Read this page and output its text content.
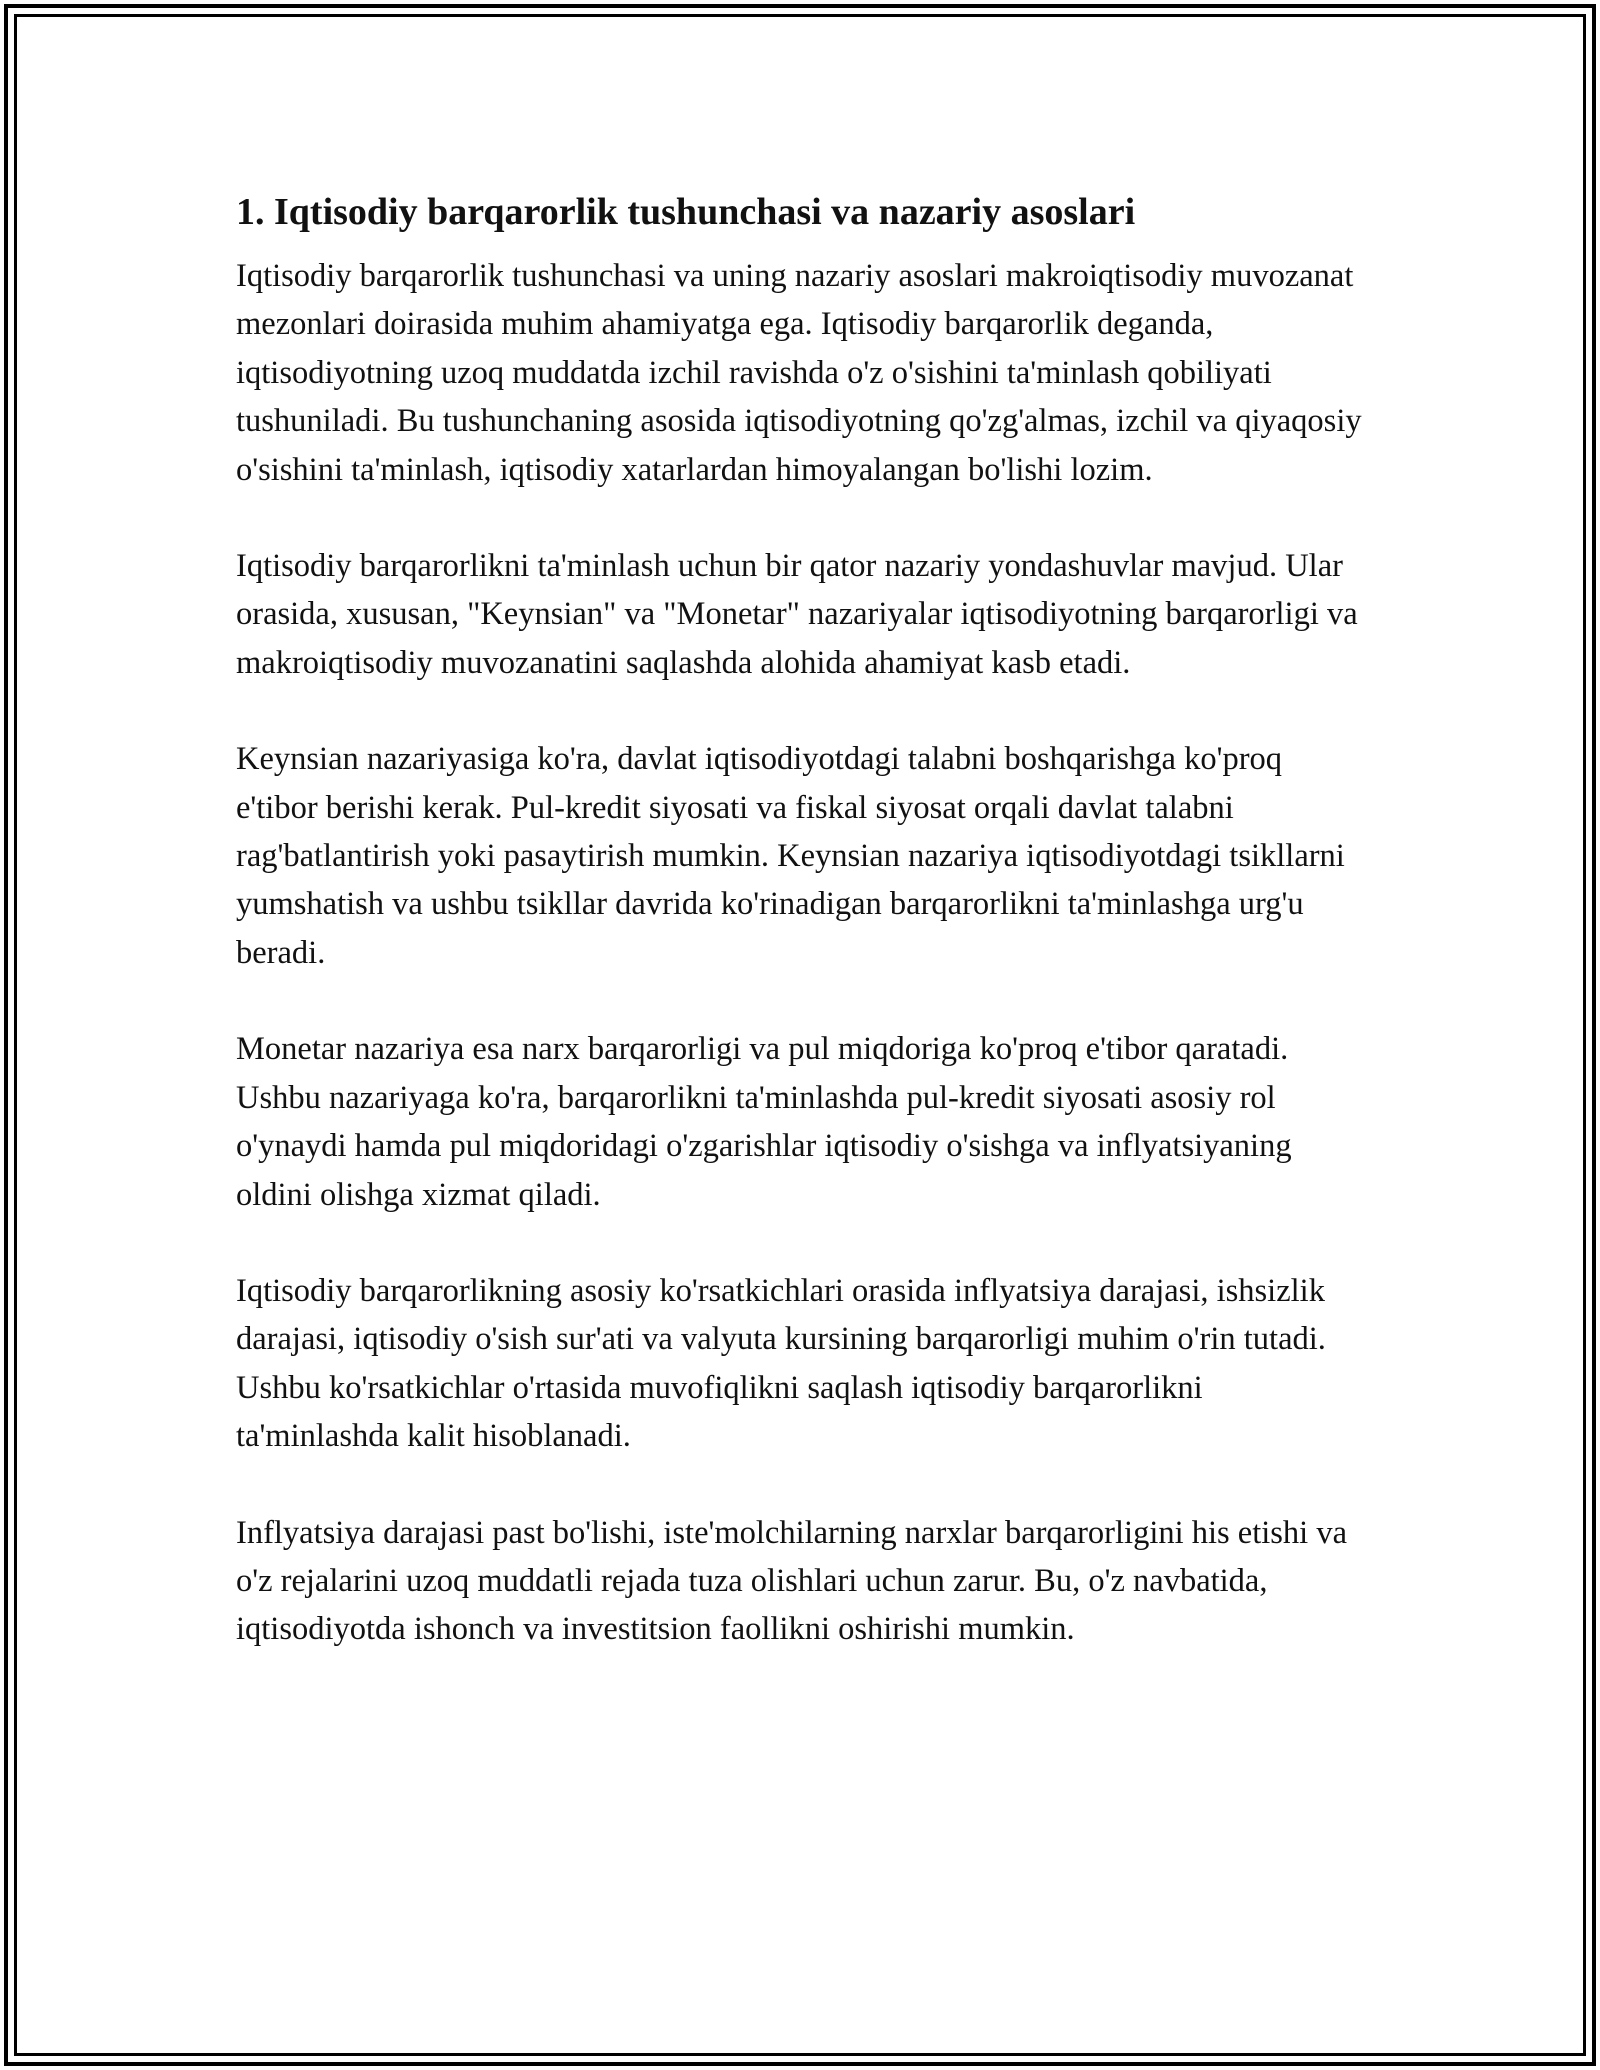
1. Iqtisodiy barqarorlik tushunchasi va nazariy asoslari

Iqtisodiy barqarorlik tushunchasi va uning nazariy asoslari makroiqtisodiy muvozanat mezonlari doirasida muhim ahamiyatga ega. Iqtisodiy barqarorlik deganda, iqtisodiyotning uzoq muddatda izchil ravishda o'z o'sishini ta'minlash qobiliyati tushuniladi. Bu tushunchaning asosida iqtisodiyotning qo'zg'almas, izchil va qiyaqosiy o'sishini ta'minlash, iqtisodiy xatarlardan himoyalangan bo'lishi lozim.

Iqtisodiy barqarorlikni ta'minlash uchun bir qator nazariy yondashuvlar mavjud. Ular orasida, xususan, "Keynsian" va "Monetar" nazariyalar iqtisodiyotning barqarorligi va makroiqtisodiy muvozanatini saqlashda alohida ahamiyat kasb etadi.

Keynsian nazariyasiga ko'ra, davlat iqtisodiyotdagi talabni boshqarishga ko'proq e'tibor berishi kerak. Pul-kredit siyosati va fiskal siyosat orqali davlat talabni rag'batlantirish yoki pasaytirish mumkin. Keynsian nazariya iqtisodiyotdagi tsikllarni yumshatish va ushbu tsikllar davrida ko'rinadigan barqarorlikni ta'minlashga urg'u beradi.

Monetar nazariya esa narx barqarorligi va pul miqdoriga ko'proq e'tibor qaratadi. Ushbu nazariyaga ko'ra, barqarorlikni ta'minlashda pul-kredit siyosati asosiy rol o'ynaydi hamda pul miqdoridagi o'zgarishlar iqtisodiy o'sishga va inflyatsiyaning oldini olishga xizmat qiladi.

Iqtisodiy barqarorlikning asosiy ko'rsatkichlari orasida inflyatsiya darajasi, ishsizlik darajasi, iqtisodiy o'sish sur'ati va valyuta kursining barqarorligi muhim o'rin tutadi. Ushbu ko'rsatkichlar o'rtasida muvofiqlikni saqlash iqtisodiy barqarorlikni ta'minlashda kalit hisoblanadi.

Inflyatsiya darajasi past bo'lishi, iste'molchilarning narxlar barqarorligini his etishi va o'z rejalarini uzoq muddatli rejada tuza olishlari uchun zarur. Bu, o'z navbatida, iqtisodiyotda ishonch va investitsion faollikni oshirishi mumkin.
